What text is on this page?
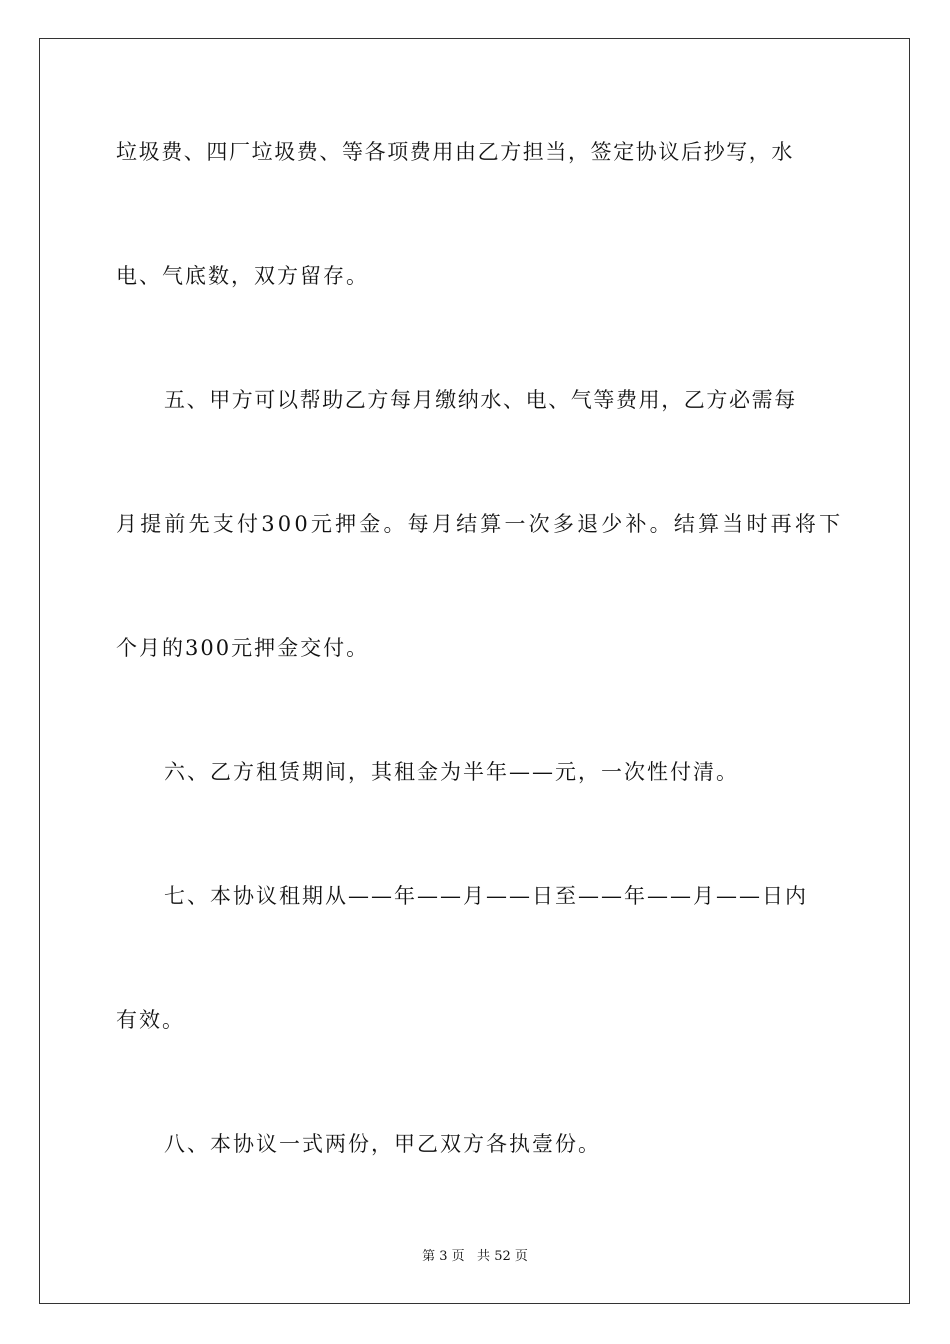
垃圾费、四厂垃圾费、等各项费用由乙方担当，签定协议后抄写，水
电、气底数，双方留存。
五、甲方可以帮助乙方每月缴纳水、电、气等费用，乙方必需每
月提前先支付300元押金。每月结算一次多退少补。结算当时再将下
个月的300元押金交付。
六、乙方租赁期间，其租金为半年——元，一次性付清。
七、本协议租期从——年——月——日至——年——月——日内
有效。
八、本协议一式两份，甲乙双方各执壹份。
第 3 页   共 52 页
